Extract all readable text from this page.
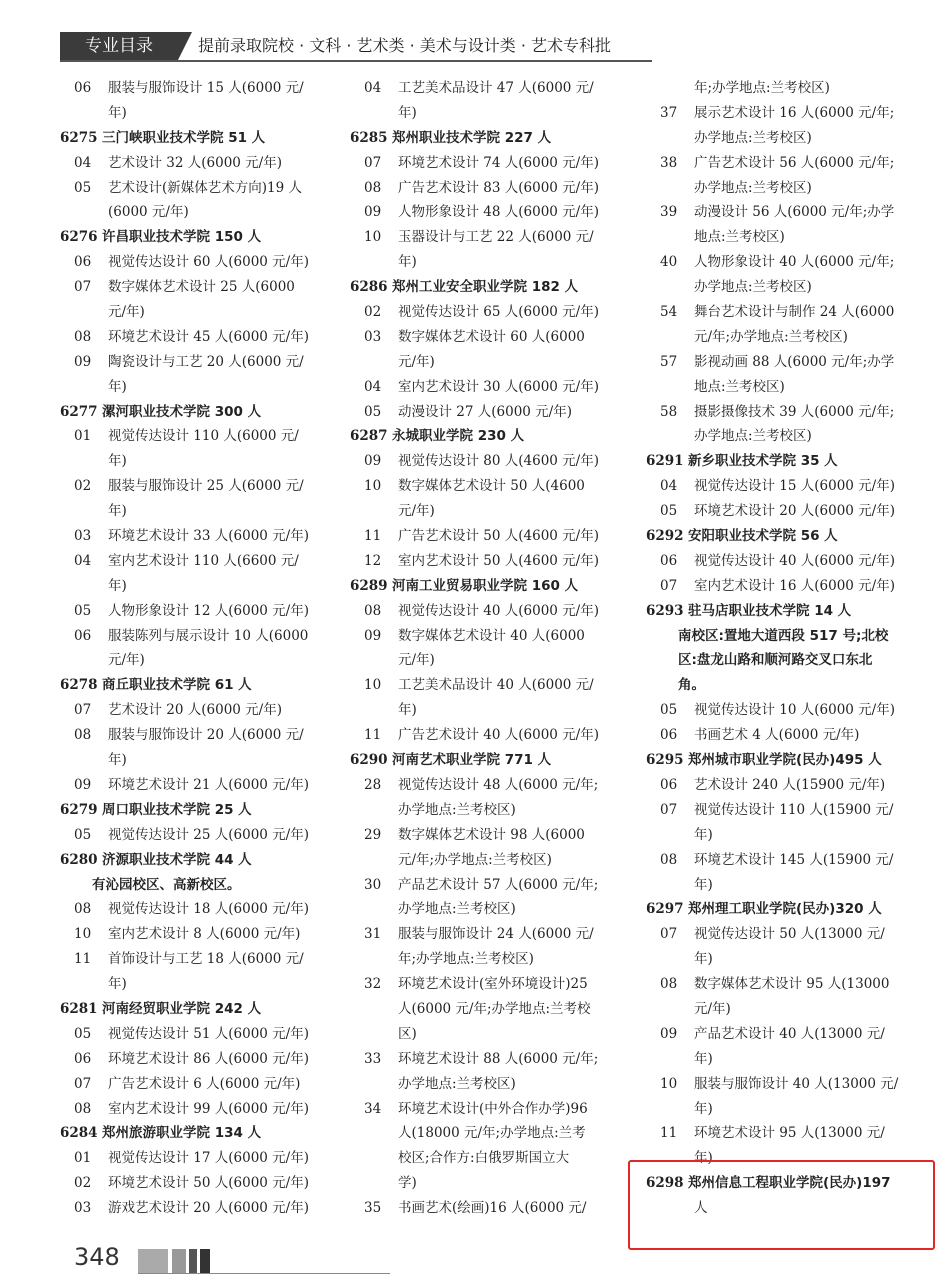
专业目录	提前录取院校 · 文科 · 艺术类 · 美术与设计类 · 艺术专科批
06	服装与服饰设计 15 人(6000 元/
年)
6275 三门峡职业技术学院 51 人
04	艺术设计 32 人(6000 元/年)
05	艺术设计(新媒体艺术方向)19 人
(6000 元/年)
6276 许昌职业技术学院 150 人
06	视觉传达设计 60 人(6000 元/年)
07	数字媒体艺术设计 25 人(6000
元/年)
08	环境艺术设计 45 人(6000 元/年)
09	陶瓷设计与工艺 20 人(6000 元/
年)
6277 漯河职业技术学院 300 人
01	视觉传达设计 110 人(6000 元/
年)
02	服装与服饰设计 25 人(6000 元/
年)
03	环境艺术设计 33 人(6000 元/年)
04	室内艺术设计 110 人(6600 元/
年)
05	人物形象设计 12 人(6000 元/年)
06	服装陈列与展示设计 10 人(6000
元/年)
6278 商丘职业技术学院 61 人
07	艺术设计 20 人(6000 元/年)
08	服装与服饰设计 20 人(6000 元/
年)
09	环境艺术设计 21 人(6000 元/年)
6279 周口职业技术学院 25 人
05	视觉传达设计 25 人(6000 元/年)
6280 济源职业技术学院 44 人
有沁园校区、高新校区。
08	视觉传达设计 18 人(6000 元/年)
10	室内艺术设计 8 人(6000 元/年)
11	首饰设计与工艺 18 人(6000 元/
年)
6281 河南经贸职业学院 242 人
05	视觉传达设计 51 人(6000 元/年)
06	环境艺术设计 86 人(6000 元/年)
07	广告艺术设计 6 人(6000 元/年)
08	室内艺术设计 99 人(6000 元/年)
6284 郑州旅游职业学院 134 人
01	视觉传达设计 17 人(6000 元/年)
02	环境艺术设计 50 人(6000 元/年)
03	游戏艺术设计 20 人(6000 元/年)
04	工艺美术品设计 47 人(6000 元/
年)
6285 郑州职业技术学院 227 人
07	环境艺术设计 74 人(6000 元/年)
08	广告艺术设计 83 人(6000 元/年)
09	人物形象设计 48 人(6000 元/年)
10	玉器设计与工艺 22 人(6000 元/
年)
6286 郑州工业安全职业学院 182 人
02	视觉传达设计 65 人(6000 元/年)
03	数字媒体艺术设计 60 人(6000
元/年)
04	室内艺术设计 30 人(6000 元/年)
05	动漫设计 27 人(6000 元/年)
6287 永城职业学院 230 人
09	视觉传达设计 80 人(4600 元/年)
10	数字媒体艺术设计 50 人(4600
元/年)
11	广告艺术设计 50 人(4600 元/年)
12	室内艺术设计 50 人(4600 元/年)
6289 河南工业贸易职业学院 160 人
08	视觉传达设计 40 人(6000 元/年)
09	数字媒体艺术设计 40 人(6000
元/年)
10	工艺美术品设计 40 人(6000 元/
年)
11	广告艺术设计 40 人(6000 元/年)
6290 河南艺术职业学院 771 人
28	视觉传达设计 48 人(6000 元/年;
办学地点:兰考校区)
29	数字媒体艺术设计 98 人(6000
元/年;办学地点:兰考校区)
30	产品艺术设计 57 人(6000 元/年;
办学地点:兰考校区)
31	服装与服饰设计 24 人(6000 元/
年;办学地点:兰考校区)
32	环境艺术设计(室外环境设计)25
人(6000 元/年;办学地点:兰考校
区)
33	环境艺术设计 88 人(6000 元/年;
办学地点:兰考校区)
34	环境艺术设计(中外合作办学)96
人(18000 元/年;办学地点:兰考
校区;合作方:白俄罗斯国立大
学)
35	书画艺术(绘画)16 人(6000 元/
年;办学地点:兰考校区)
37	展示艺术设计 16 人(6000 元/年;
办学地点:兰考校区)
38	广告艺术设计 56 人(6000 元/年;
办学地点:兰考校区)
39	动漫设计 56 人(6000 元/年;办学
地点:兰考校区)
40	人物形象设计 40 人(6000 元/年;
办学地点:兰考校区)
54	舞台艺术设计与制作 24 人(6000
元/年;办学地点:兰考校区)
57	影视动画 88 人(6000 元/年;办学
地点:兰考校区)
58	摄影摄像技术 39 人(6000 元/年;
办学地点:兰考校区)
6291 新乡职业技术学院 35 人
04	视觉传达设计 15 人(6000 元/年)
05	环境艺术设计 20 人(6000 元/年)
6292 安阳职业技术学院 56 人
06	视觉传达设计 40 人(6000 元/年)
07	室内艺术设计 16 人(6000 元/年)
6293 驻马店职业技术学院 14 人
南校区:置地大道西段 517 号;北校
区:盘龙山路和顺河路交叉口东北
角。
05	视觉传达设计 10 人(6000 元/年)
06	书画艺术 4 人(6000 元/年)
6295 郑州城市职业学院(民办)495 人
06	艺术设计 240 人(15900 元/年)
07	视觉传达设计 110 人(15900 元/
年)
08	环境艺术设计 145 人(15900 元/
年)
6297 郑州理工职业学院(民办)320 人
07	视觉传达设计 50 人(13000 元/
年)
08	数字媒体艺术设计 95 人(13000
元/年)
09	产品艺术设计 40 人(13000 元/
年)
10	服装与服饰设计 40 人(13000 元/
年)
11	环境艺术设计 95 人(13000 元/
年)
6298 郑州信息工程职业学院(民办)197
人
348
